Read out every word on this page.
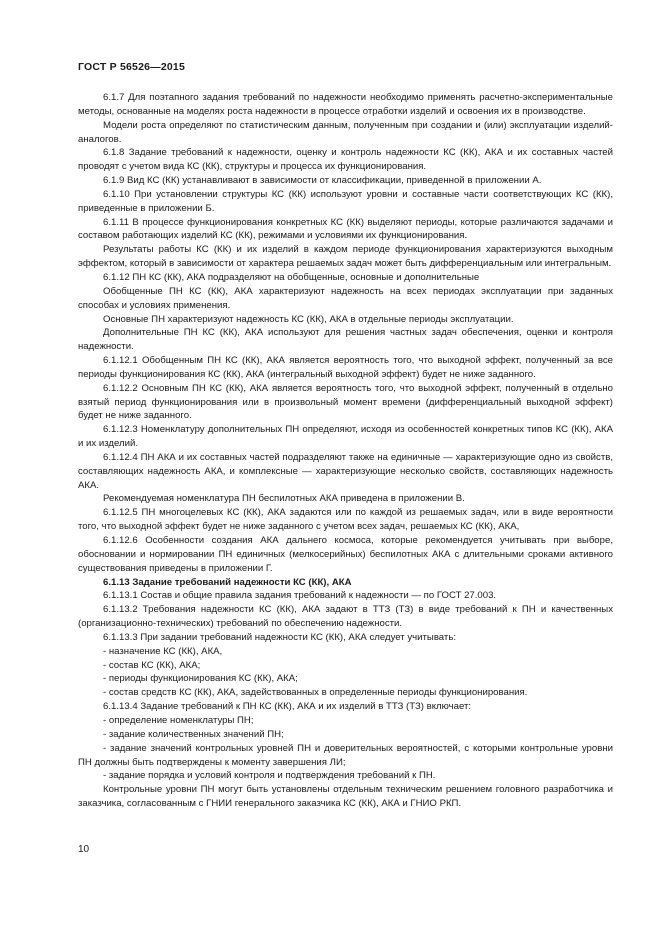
ГОСТ Р 56526—2015

6.1.7 Для поэтапного задания требований по надежности необходимо применять расчетно-экспериментальные методы, основанные на моделях роста надежности в процессе отработки изделий и освоения их в производстве.

Модели роста определяют по статистическим данным, полученным при создании и (или) эксплуатации изделий-аналогов.

6.1.8 Задание требований к надежности, оценку и контроль надежности КС (КК), АКА и их составных частей проводят с учетом вида КС (КК), структуры и процесса их функционирования.

6.1.9 Вид КС (КК) устанавливают в зависимости от классификации, приведенной в приложении А.

6.1.10 При установлении структуры КС (КК) используют уровни и составные части соответствующих КС (КК), приведенные в приложении Б.

6.1.11 В процессе функционирования конкретных КС (КК) выделяют периоды, которые различаются задачами и составом работающих изделий КС (КК), режимами и условиями их функционирования.

Результаты работы КС (КК) и их изделий в каждом периоде функционирования характеризуются выходным эффектом, который в зависимости от характера решаемых задач может быть дифференциальным или интегральным.

6.1.12 ПН КС (КК), АКА подразделяют на обобщенные, основные и дополнительные

Обобщенные ПН КС (КК), АКА характеризуют надежность на всех периодах эксплуатации при заданных способах и условиях применения.

Основные ПН характеризуют надежность КС (КК), АКА в отдельные периоды эксплуатации.

Дополнительные ПН КС (КК), АКА используют для решения частных задач обеспечения, оценки и контроля надежности.

6.1.12.1 Обобщенным ПН КС (КК), АКА является вероятность того, что выходной эффект, полученный за все периоды функционирования КС (КК), АКА (интегральный выходной эффект) будет не ниже заданного.

6.1.12.2 Основным ПН КС (КК), АКА является вероятность того, что выходной эффект, полученный в отдельно взятый период функционирования или в произвольный момент времени (дифференциальный выходной эффект) будет не ниже заданного.

6.1.12.3 Номенклатуру дополнительных ПН определяют, исходя из особенностей конкретных типов КС (КК), АКА и их изделий.

6.1.12.4 ПН АКА и их составных частей подразделяют также на единичные — характеризующие одно из свойств, составляющих надежность АКА, и комплексные — характеризующие несколько свойств, составляющих надежность АКА.

Рекомендуемая номенклатура ПН беспилотных АКА приведена в приложении В.

6.1.12.5 ПН многоцелевых КС (КК), АКА задаются или по каждой из решаемых задач, или в виде вероятности того, что выходной эффект будет не ниже заданного с учетом всех задач, решаемых КС (КК), АКА,

6.1.12.6 Особенности создания АКА дальнего космоса, которые рекомендуется учитывать при выборе, обосновании и нормировании ПН единичных (мелкосерийных) беспилотных АКА с длительными сроками активного существования приведены в приложении Г.

6.1.13 Задание требований надежности КС (КК), АКА

6.1.13.1 Состав и общие правила задания требований к надежности — по ГОСТ 27.003.

6.1.13.2 Требования надежности КС (КК), АКА задают в ТТЗ (ТЗ) в виде требований к ПН и качественных (организационно-технических) требований по обеспечению надежности.

6.1.13.3 При задании требований надежности КС (КК), АКА следует учитывать:

- назначение КС (КК), АКА,

- состав КС (КК), АКА;

- периоды функционирования КС (КК), АКА;

- состав средств КС (КК), АКА, задействованных в определенные периоды функционирования.

6.1.13.4 Задание требований к ПН КС (КК), АКА и их изделий в ТТЗ (ТЗ) включает:

- определение номенклатуры ПН;

- задание количественных значений ПН;

- задание значений контрольных уровней ПН и доверительных вероятностей, с которыми контрольные уровни ПН должны быть подтверждены к моменту завершения ЛИ;

- задание порядка и условий контроля и подтверждения требований к ПН.

Контрольные уровни ПН могут быть установлены отдельным техническим решением головного разработчика и заказчика, согласованным с ГНИИ генерального заказчика КС (КК), АКА и ГНИО РКП.

10
